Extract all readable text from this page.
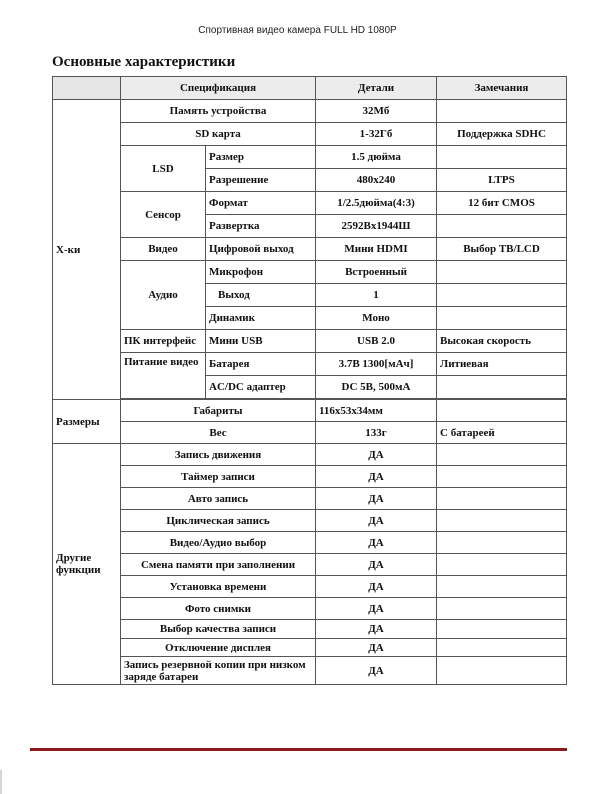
Спортивная видео камера FULL HD 1080P
Основные характеристики
	Спецификация		Детали	Замечания
Х-ки	Память устройства		32Мб	
	SD карта		1-32Гб	Поддержка SDHC
	LSD	Размер	1.5 дюйма	
		Разрешение	480x240	LTPS
	Сенсор	Формат	1/2.5дюйма(4:3)	12 бит CMOS
		Развертка	2592Вx1944Ш	
	Видео	Цифровой выход	Мини HDMI	Выбор TB/LCD
	Аудио	Микрофон	Встроенный	
		Выход	1	
		Динамик	Моно	
	ПК интерфейс	Мини USB	USB 2.0	Высокая скорость
	Питание видео	Батарея	3.7В 1300[мАч]	Литиевая
		AC/DC адаптер	DC 5В, 500мА	

Размеры	Габариты		116x53x34мм	
	Вес		133г	С батареей
Другие функции	Запись движения		ДА	
	Таймер записи		ДА	
	Авто запись		ДА	
	Циклическая запись		ДА	
	Видео/Аудио выбор		ДА	
	Смена памяти при заполнении		ДА	
	Установка времени		ДА	
	Фото снимки		ДА	
	Выбор качества записи		ДА	
	Отключение дисплея		ДА	
	Запись резервной копии при низком заряде батареи		ДА	
